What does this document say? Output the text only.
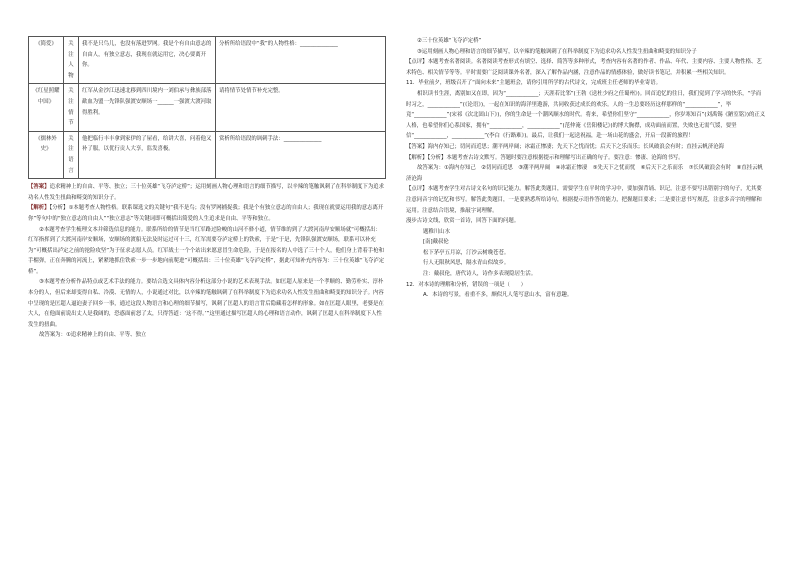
《简爱》	关注人物	我不是只鸟儿，也没有落进罗网。我是个有自由意志的自由人，有独立意志，我现在就运用它，决心要离开你。	分析所给语段中“我”的人物性格：______________
《红星照耀中国》	关注情节	红军从金沙江迅速北移到四川境内一刘伯承与彝族部落歃血为盟一先锋队强渡安顺场一______一强渡大渡河取得胜利。	请将情节处情节补充完整。
《儒林外史》	关注语言	他把临行丰丰拿到家伊的了屋看，给讲大喜，问着他又补了服，以优行贡人大享，监发喜极。	赏析所给语段的讽刺手法：______________

【答案】追求精神上的自由、平等、独立；三十位英雄“飞夺泸定桥”；运用刻画人物心理和语言的细节描写，以辛辣的笔触讽刺了在科举制度下为追求功名人性发生扭曲和畸变的知识分子。

【解析】【分析】①本题考查人物性格。联系课选文的关键句“我不是鸟；没有罗网捕捉我；我是个有独立意志的自由人；我现在就要运用我的意志离开你”等句中的“独立意志的自由人”“独立意志”等关键词即可概括出简爱的人生追求是自由、平等和独立。

②本题考查学生梳理文本并筛选信息的能力。联系所给的情节是当红军路过险峻的山河不驿小道，情节维的到了大渡河南岸安顺场就“可概括出：红军指挥到了大渡河南岸安顺场，安顺场的渡船无法及时运过可十三，红军需要夺泸定桥上的铁索，于是“于是，先锋队强渡安顺场，联系可以补充为“可概括出泸定之前的抢险攻坚”为于征求志愿人员。红军战士一个个站出来愿意冒生命危险，于是在报名的人中选了三十个人，他们身上背着手枪和手榴弹，正在奔腾的河流上，紧紧地抓住铁索一步一步地向前爬进”可概括出：三十位英雄“飞夺泸定桥”，据此可知补充内容为：三十位英雄“飞夺泸定桥”。

③本题考查分析作品特点或艺术手法的能力。要结合选文具体内容分析这部分小说的艺术表现手法。如匡超人原来是一个孝顺的、勤劳朴实、淳朴本分的人，但后来却变得自私、冷漠、无情的人，小说通过对比，以辛辣的笔触讽刺了在科举制度下为追求功名人性发生扭曲和畸变的知识分子。内容中呈现的是匡超人逼迫妻子回乡一事，通过这段人物语言和心理的细节描写，讽刺了匡超人的语言背后隐藏着怎样的形象。如在匡超人眼里，老婆是在大人，在他面前说出丈人是我阔的，恐惑面前怒了太，只得答道：‘这不得。’”这里通过描写匡超人的心理和语言动作，讽刺了匡超人在科举制度下人性发生的扭曲。

故答案为：①追求精神上的自由、平等、独立

②三十位英雄“飞夺泸定桥”

③运用刻画人物心理和语言的细节描写，以辛辣的笔触讽刺了在科举制度下为追求功名人性发生扭曲和畸变的知识分子

【点评】本题考查名著阅读。名著阅读考查形式有填空、选择、简答等多种形式，考查内容有名著的作者、作品、年代、主要内容、主要人物性格、艺术特色、相关情节等等。平时需要广泛阅读课外名著，深入了解作品内涵，注意作品的情感体验，做好读书笔记，并积累一些相关知识。

11．毕业前夕，班级召开了“面向未来”主题班会，请你引用所学的古代诗文，完成班主任老师的毕业寄语。

相识读书生涯，离别如又在即，因为“____________；天涯若比邻”(王勃《送杜少府之任蜀州》)。回首追忆的往日，我们觉到了学习的快乐，“学而时习之，____________”(《论语》)，一起在知识的海洋里遨游，共同收获过成长的欢乐。人的一生总要经历这样那样的“____________”，毕竟“____________”(宋祁《次北固山下》)，你的生命是一个潮风顺水的时代。将来，希望你们坚守“____________，你岁寒知百”(刘禹锡《陋室铭》)的正义人格，也希望你们心系国家，拥有“____________，____________”(范仲淹《岳阳楼记》)的博大胸襟，成功面前而置，失败也无需气馁，要坚信“____________，____________”(李白《行路难》)。最后，让我们一起送祝福，赴一场山花的盛会，开启一段新的旅程！

【答案】海内存知己；切问而近思；潮平两岸阔；冰霜正惨凄；先天下之忧而忧；后天下之乐而乐；长风破浪会有时；直挂云帆济沧海

【解析】【分析】本题考查古诗文默写。答题时要注意根据提示和理解写出正确的句子。要注意：惨凄、沧海的书写。

故答案为：①海内存知己　②切问而近思　③潮平两岸阔　④冰霜正惨凄　⑤先天下之忧而忧　⑥后天下之乐而乐　⑦长风破浪会有时　⑧直挂云帆济沧海

【点评】本题考查学生对古诗文名句的识记能力。解答此类题目，需要学生在平时的学习中，要加强背诵、识记，注意不要写出错别字的句子，尤其要注意同音字的记忆和书写。解答此类题目，一是要熟悉所给诗句，根据提示语作答的能力，把握题目要求；二是要注意书写规范，注意多音字的理解和运用。注意结合语境，推敲字词理解。

漫步古诗文线，欣赏一首诗，回答下面的问题。

题稚川山水

[南]戴叔伦

松下茅亭五月凉，汀沙云树晚苍苍。

行人无限秋风思，隔水青山似故乡。

注：戴叔伦，唐代诗人，诗作多表现隐居生活。

12．对本诗的理解和分析，错误的一项是（　　）

A．本诗的写景，看重不多，颇似凡人笔写意山水，富有意趣。
